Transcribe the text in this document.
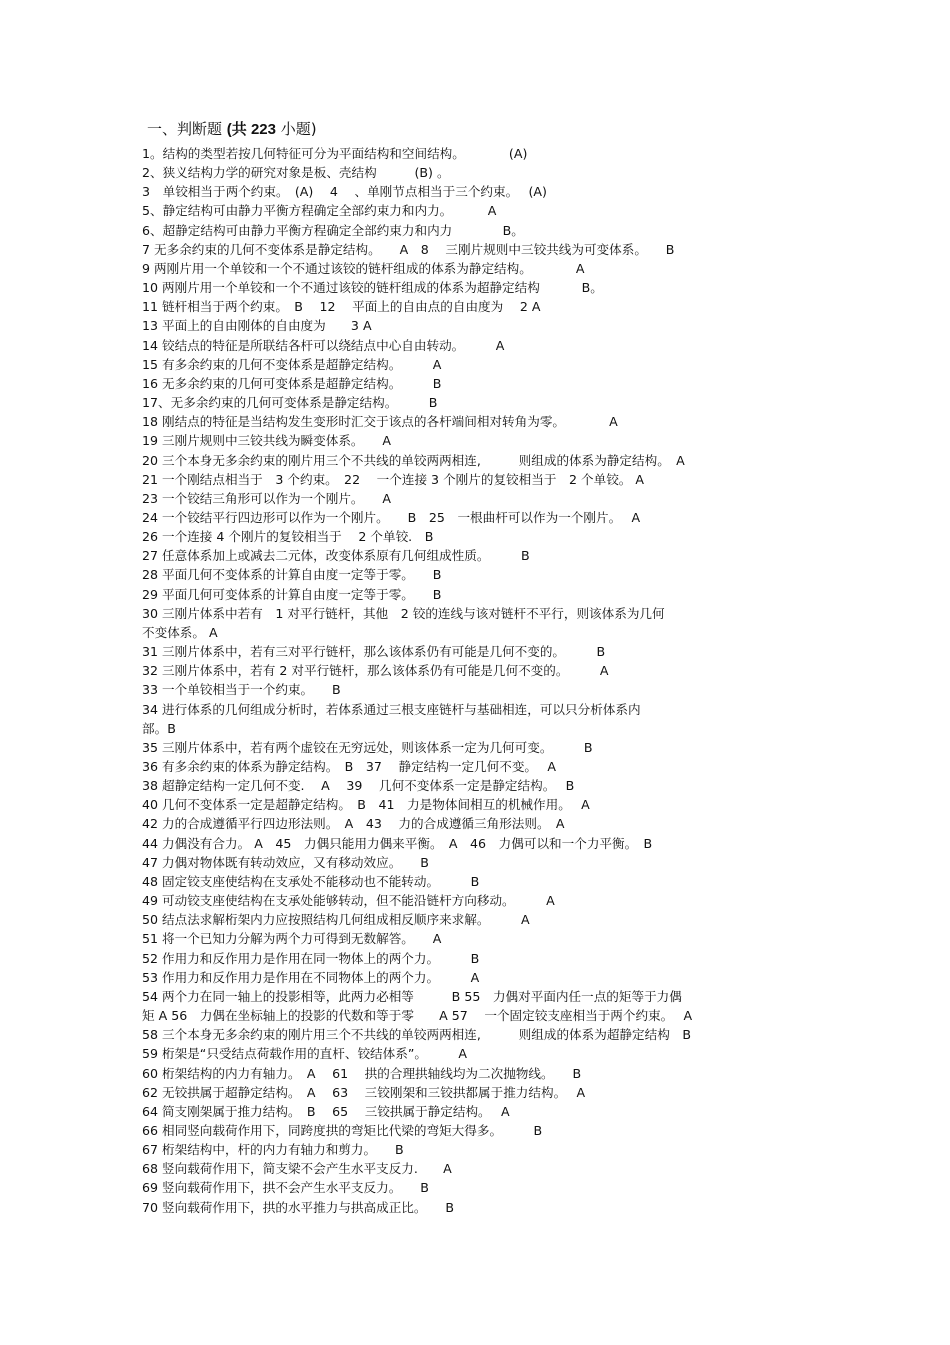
一、判断题 (共 223 小题)
1。结构的类型若按几何特征可分为平面结构和空间结构。　　　　(A)
2、狭义结构力学的研究对象是板、壳结构　　　(B) 。
3　单铰相当于两个约束。　(A)　 4　 、单刚节点相当于三个约束。　 (A)
5、静定结构可由静力平衡方程确定全部约束力和内力。　　　 A
6、超静定结构可由静力平衡方程确定全部约束力和内力　　　　B。
7 无多余约束的几何不变体系是静定结构。　　A　8　 三刚片规则中三铰共线为可变体系。　　B
9 两刚片用一个单铰和一个不通过该铰的链杆组成的体系为静定结构。　　　　A
10 两刚片用一个单铰和一个不通过该铰的链杆组成的体系为超静定结构　　　 B。
11 链杆相当于两个约束。　B　 12　 平面上的自由点的自由度为　 2 A
13 平面上的自由刚体的自由度为　　3 A
14 铰结点的特征是所联结各杆可以绕结点中心自由转动。　　　A
15 有多余约束的几何不变体系是超静定结构。　　　A
16 无多余约束的几何可变体系是超静定结构。　　　B
17、无多余约束的几何可变体系是静定结构。　　　B
18 刚结点的特征是当结构发生变形时汇交于该点的各杆端间相对转角为零。　　　　A
19 三刚片规则中三铰共线为瞬变体系。　　A
20 三个本身无多余约束的刚片用三个不共线的单铰两两相连,　　　则组成的体系为静定结构。　A
21 一个刚结点相当于　3 个约束。　22　 一个连接 3 个刚片的复铰相当于　2 个单铰。 A
23 一个铰结三角形可以作为一个刚片。　　A
24 一个铰结平行四边形可以作为一个刚片。　　B　25　一根曲杆可以作为一个刚片。　 A
26 一个连接 4 个刚片的复铰相当于　 2 个单铰.　B
27 任意体系加上或减去二元体，改变体系原有几何组成性质。　　　B
28 平面几何不变体系的计算自由度一定等于零。　　B
29 平面几何可变体系的计算自由度一定等于零。　　B
30 三刚片体系中若有　1 对平行链杆，其他　2 铰的连线与该对链杆不平行，则该体系为几何
不变体系。 A
31 三刚片体系中，若有三对平行链杆，那么该体系仍有可能是几何不变的。　　　B
32 三刚片体系中，若有 2 对平行链杆，那么该体系仍有可能是几何不变的。　　　A
33 一个单铰相当于一个约束。　　B
34 进行体系的几何组成分析时，若体系通过三根支座链杆与基础相连，可以只分析体系内
部。B
35 三刚片体系中，若有两个虚铰在无穷远处，则该体系一定为几何可变。　　　B
36 有多余约束的体系为静定结构。　B　37　 静定结构一定几何不变。　 A
38 超静定结构一定几何不变.　 A　 39　 几何不变体系一定是静定结构。　 B
40 几何不变体系一定是超静定结构。　B　41　力是物体间相互的机械作用。　 A
42 力的合成遵循平行四边形法则。　A　43　 力的合成遵循三角形法则。　A
44 力偶没有合力。 A　45　力偶只能用力偶来平衡。　A　46　力偶可以和一个力平衡。　B
47 力偶对物体既有转动效应，又有移动效应。　　B
48 固定铰支座使结构在支承处不能移动也不能转动。　　　B
49 可动铰支座使结构在支承处能够转动，但不能沿链杆方向移动。　　　A
50 结点法求解桁架内力应按照结构几何组成相反顺序来求解。　　　A
51 将一个已知力分解为两个力可得到无数解答。　　A
52 作用力和反作用力是作用在同一物体上的两个力。　　　B
53 作用力和反作用力是作用在不同物体上的两个力。　　　A
54 两个力在同一轴上的投影相等，此两力必相等　　　B 55　力偶对平面内任一点的矩等于力偶
矩 A 56　力偶在坐标轴上的投影的代数和等于零　　A 57　 一个固定铰支座相当于两个约束。　 A
58 三个本身无多余约束的刚片用三个不共线的单铰两两相连,　　　则组成的体系为超静定结构　B
59 桁架是“只受结点荷载作用的直杆、铰结体系”。　　　A
60 桁架结构的内力有轴力。　A　 61　 拱的合理拱轴线均为二次抛物线。　　B
62 无铰拱属于超静定结构。　A　 63　 三铰刚架和三铰拱都属于推力结构。　 A
64 简支刚架属于推力结构。　B　 65　 三铰拱属于静定结构。　 A
66 相同竖向载荷作用下，同跨度拱的弯矩比代梁的弯矩大得多。　　　B
67 桁架结构中，杆的内力有轴力和剪力。　　B
68 竖向载荷作用下，简支梁不会产生水平支反力.　　A
69 竖向载荷作用下，拱不会产生水平支反力。　　B
70 竖向载荷作用下，拱的水平推力与拱高成正比。　　B
